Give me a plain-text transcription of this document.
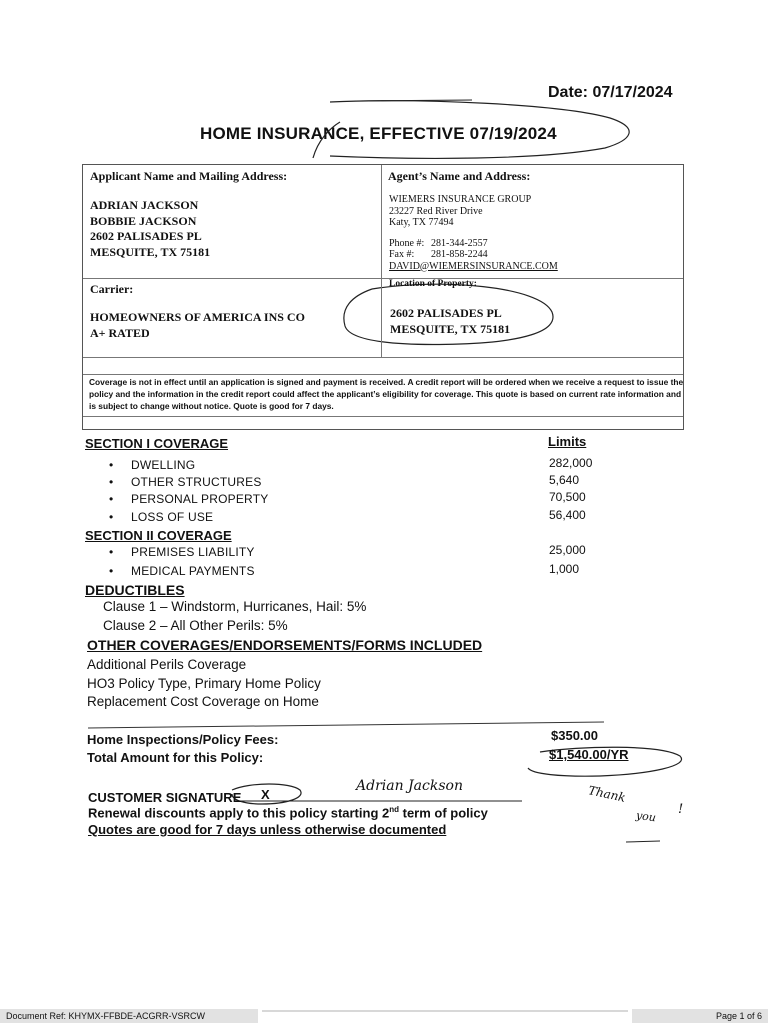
Date: 07/17/2024
HOME INSURANCE, EFFECTIVE 07/19/2024
Applicant Name and Mailing Address:
ADRIAN JACKSON
BOBBIE JACKSON
2602 PALISADES PL
MESQUITE, TX 75181
Agent’s Name and Address:
WIEMERS INSURANCE GROUP
23227 Red River Drive
Katy, TX 77494
Phone #: 281-344-2557
Fax #: 281-858-2244
DAVID@WIEMERSINSURANCE.COM
Carrier:
HOMEOWNERS OF AMERICA INS CO
A+ RATED
Location of Property:
2602 PALISADES PL
MESQUITE, TX 75181
Coverage is not in effect until an application is signed and payment is received. A credit report will be ordered when we receive a request to issue the policy and the information in the credit report could affect the applicant’s eligibility for coverage. This quote is based on current rate information and is subject to change without notice. Quote is good for 7 days.
SECTION I COVERAGE	Limits
• DWELLING
• OTHER STRUCTURES
• PERSONAL PROPERTY
• LOSS OF USE
282,000
5,640
70,500
56,400
SECTION II COVERAGE
• PREMISES LIABILITY
• MEDICAL PAYMENTS
25,000
1,000
DEDUCTIBLES
Clause 1 – Windstorm, Hurricanes, Hail: 5%
Clause 2 – All Other Perils: 5%
OTHER COVERAGES/ENDORSEMENTS/FORMS INCLUDED
Additional Perils Coverage
HO3 Policy Type, Primary Home Policy
Replacement Cost Coverage on Home
Home Inspections/Policy Fees:
Total Amount for this Policy:
$350.00
$1,540.00/YR
CUSTOMER SIGNATURE X
Adrian Jackson
Renewal discounts apply to this policy starting 2nd term of policy
Quotes are good for 7 days unless otherwise documented
Thank
you !
Document Ref: KHYMX-FFBDE-ACGRR-VSRCW	Page 1 of 6
